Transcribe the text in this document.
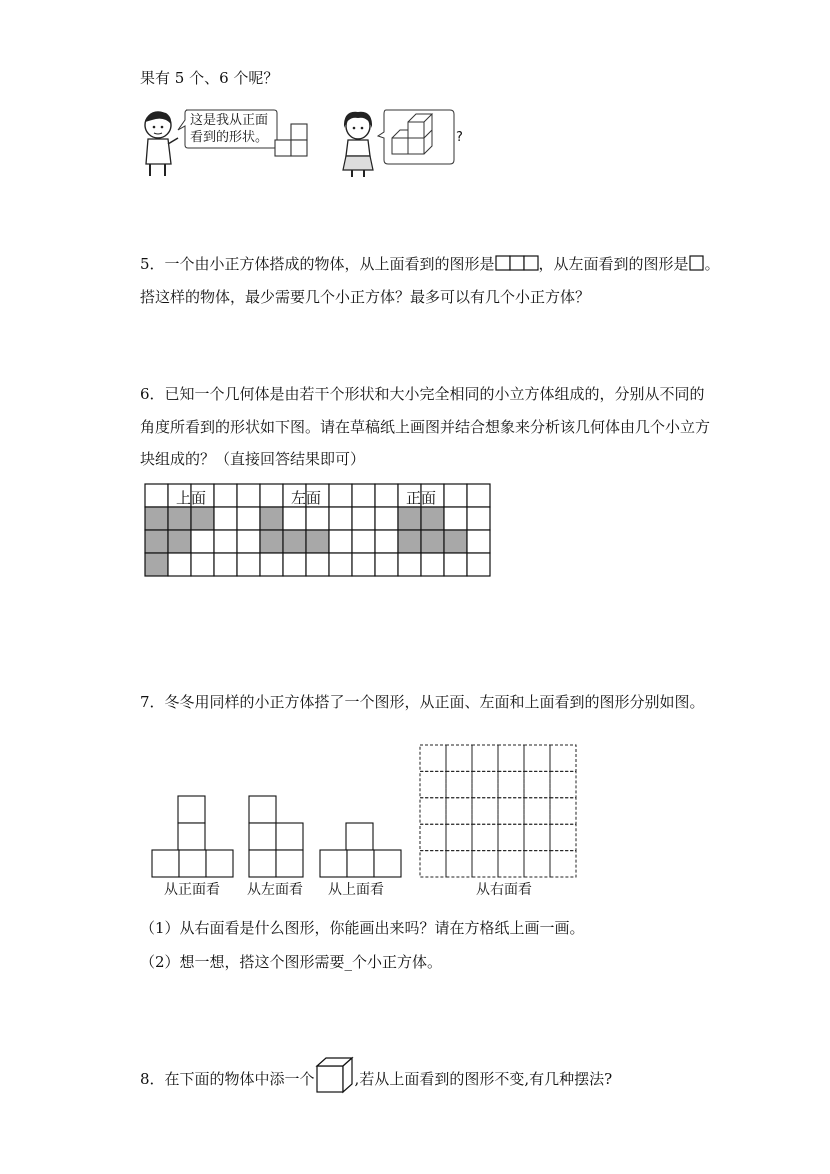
果有 5 个、6 个呢？
这是我从正面
看到的形状。	?
5．一个由小正方体搭成的物体，从上面看到的图形是	，从左面看到的图形是 。
搭这样的物体，最少需要几个小正方体？最多可以有几个小正方体？
6．已知一个几何体是由若干个形状和大小完全相同的小立方体组成的，分别从不同的
角度所看到的形状如下图。请在草稿纸上画图并结合想象来分析该几何体由几个小立方
块组成的？（直接回答结果即可）
上面	左面	正面
7．冬冬用同样的小正方体搭了一个图形，从正面、左面和上面看到的图形分别如图。
从正面看 从左面看 从上面看	从右面看
（1）从右面看是什么图形，你能画出来吗？请在方格纸上画一画。
（2）想一想，搭这个图形需要_个小正方体。
8．在下面的物体中添一个	,若从上面看到的图形不变,有几种摆法?
